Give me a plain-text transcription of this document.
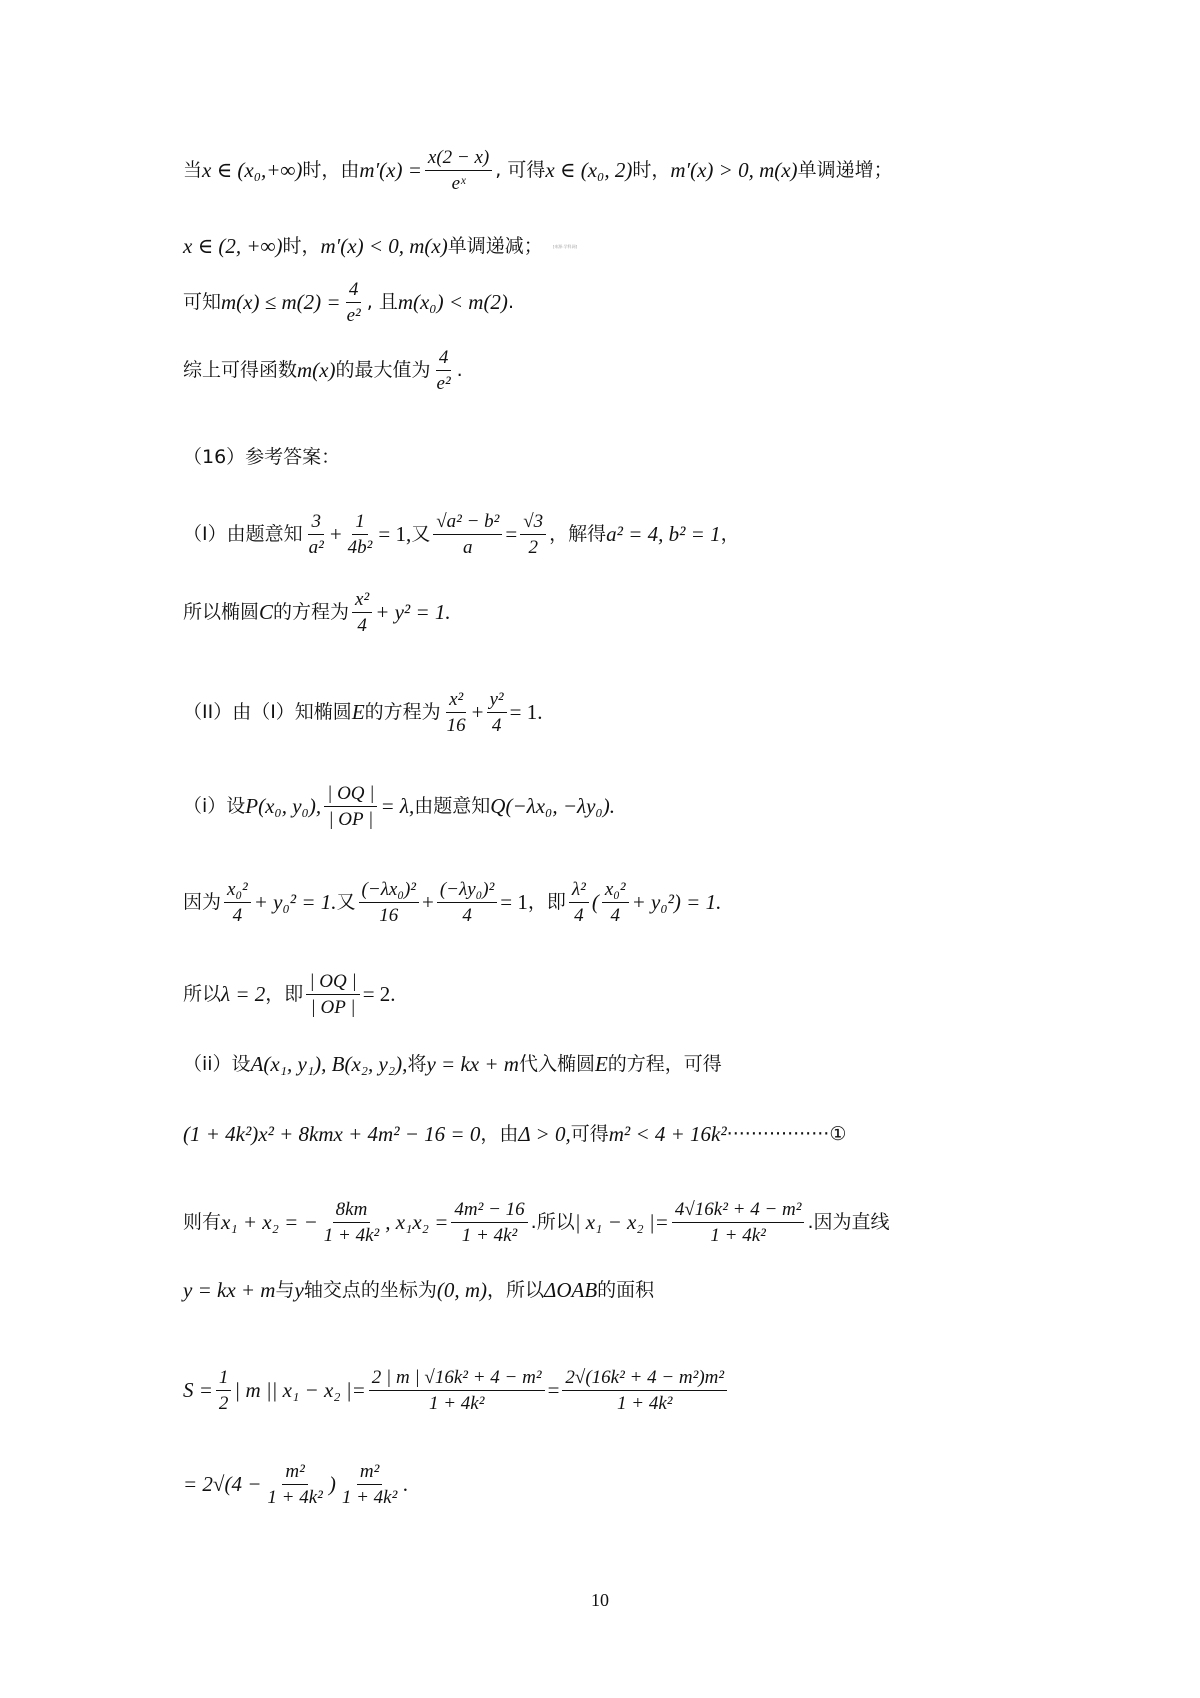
当 x ∈ (x₀,+∞) 时，由 $m'(x) = \frac{x(2 - x)}{\text{eˣ}}$ , 可得 x ∈ (x₀, 2) 时， m′(x) > 0, m(x) 单调递增；
x ∈ (2, +∞) 时， m′(x) < 0, m(x) 单调递减；	[来源:学科网]
可知 $m(x) \le m(2) = \frac{4}{\text{e²}}$ , 且 m(x₀) < m(2) .
综上可得函数 m(x) 的最大值为 $\frac{4}{\text{e²}}$ .
（16）参考答案：
（I）由题意知 $\frac{3}{\text{a²}} + \frac{1}{\text{4b²}} = 1$, 又 $\frac{\text{√a² − b²}}{a} = \frac{√3}{2}$ ，解得 a² = 4, b² = 1 ，
所以椭圆 C 的方程为 $\frac{\text{x²}}{4} + y^2 = 1$.
（II）由（I）知椭圆 E 的方程为 $\frac{\text{x²}}{16} + \frac{\text{y²}}{4} = 1$.
（i）设 P(x₀, y₀), $\frac{| OQ |}{| OP |} = \lambda$, 由题意知 Q(−λx₀, −λy₀).
因为 $\frac{\text{x₀²}}{4} + y_0^2 = 1$. 又 $\frac{\text{(−λx₀)²}}{16} + \frac{\text{(−λy₀)²}}{4} = 1$ ，即 $\frac{\text{λ²}}{4}$ ( $\frac{\text{x₀²}}{4} + y_0^2) = 1$.
所以 λ = 2 ，即 $\frac{| OQ |}{| OP |} = 2$.
（ii）设 A(x₁, y₁), B(x₂, y₂), 将 y = kx + m 代入椭圆 E 的方程，可得
(1 + 4k²)x² + 8kmx + 4m² − 16 = 0 ，由 Δ > 0, 可得 m² < 4 + 16k² ·················①
则有 x₁ + x₂ = − $\frac{8km}{\text{1 + 4k²}}$ , $x_1x_2 = \frac{\text{4m² − 16}}{\text{1 + 4k²}}$ .所以 | x₁ − x₂ |= $\frac{\text{4√16k² + 4 − m²}}{\text{1 + 4k²}}$ .因为直线
y = kx + m 与 y 轴交点的坐标为 (0, m) ，所以 ΔOAB 的面积
$S = \frac{1}{2}$ | m || x₁ − x₂ |= $\frac{\text{2 | m | √16k² + 4 − m²}}{\text{1 + 4k²}} = \frac{\text{2√(16k² + 4 − m²)m²}}{\text{1 + 4k²}}$
= $2√(4 - \frac{\text{m²}}{\text{1 + 4k²}}$ ) $\frac{\text{m²}}{\text{1 + 4k²}}$ .
10
